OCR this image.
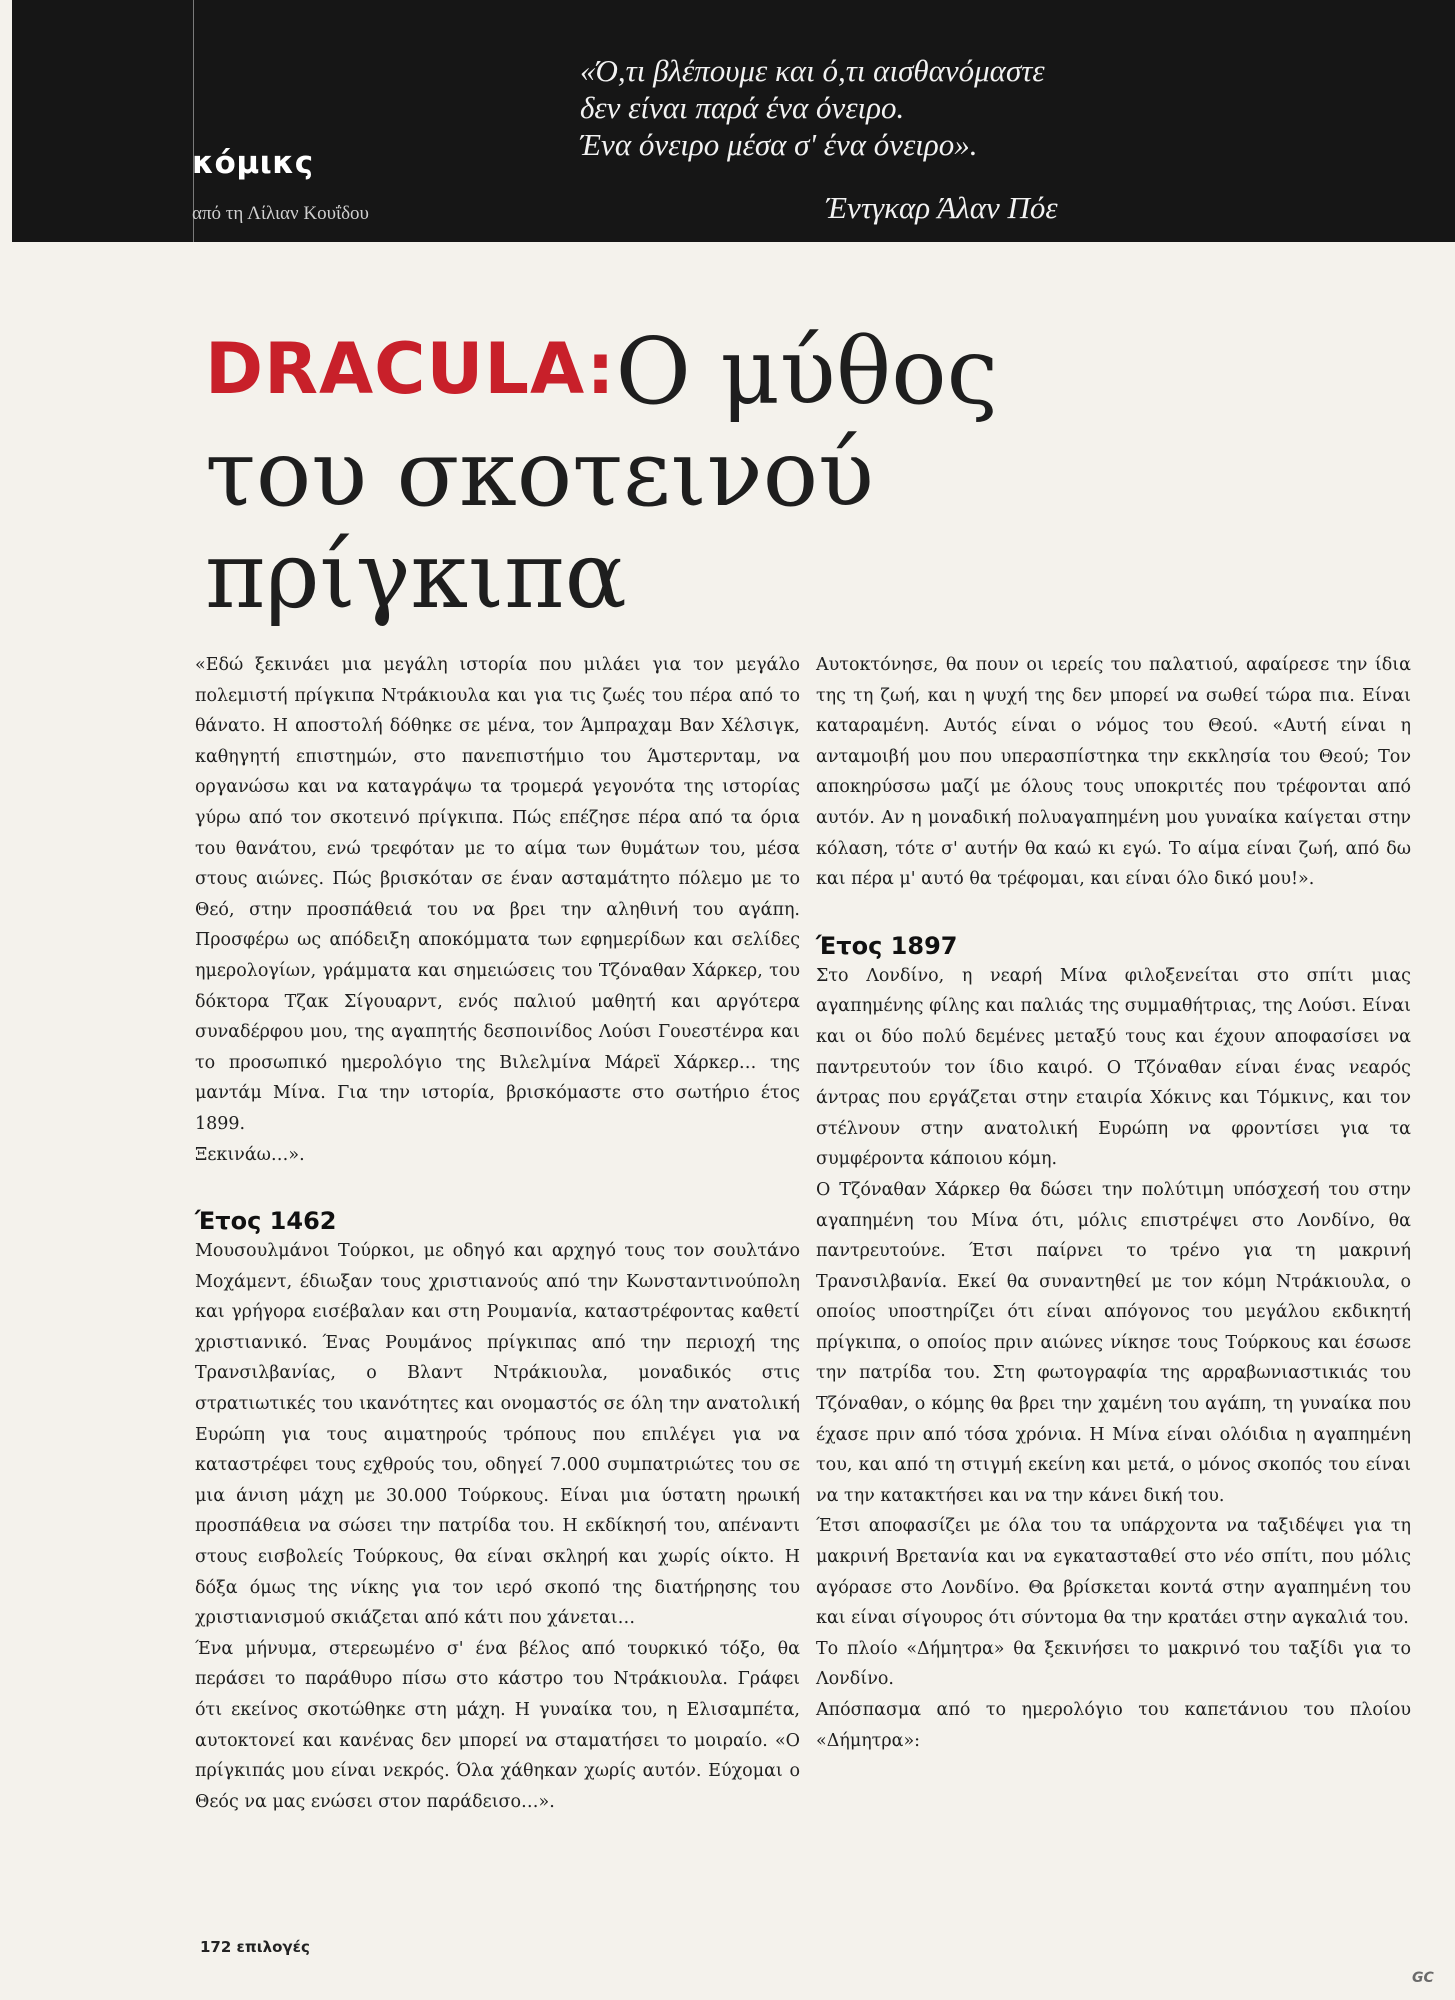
κόμικς
από τη Λίλιαν Κουΐδου
«Ό,τι βλέπουμε και ό,τι αισθανόμαστε
δεν είναι παρά ένα όνειρο.
Ένα όνειρο μέσα σ' ένα όνειρο».
Έντγκαρ Άλαν Πόε
DRACULA:Ο μύθος
του σκοτεινού
πρίγκιπα

«Εδώ ξεκινάει μια μεγάλη ιστορία που μιλάει για τον μεγάλο πολεμιστή πρίγκιπα Ντράκιουλα και για τις ζωές του πέρα από το θάνατο. Η αποστολή δόθηκε σε μένα, τον Άμπραχαμ Βαν Χέλσιγκ, καθηγητή επιστημών, στο πανεπιστήμιο του Άμστερνταμ, να οργανώσω και να καταγράψω τα τρομερά γεγονότα της ιστορίας γύρω από τον σκοτεινό πρίγκιπα. Πώς επέζησε πέρα από τα όρια του θανάτου, ενώ τρεφόταν με το αίμα των θυμάτων του, μέσα στους αιώνες. Πώς βρισκόταν σε έναν ασταμάτητο πόλεμο με το Θεό, στην προσπάθειά του να βρει την αληθινή του αγάπη. Προσφέρω ως απόδειξη αποκόμματα των εφημερίδων και σελίδες ημερολογίων, γράμματα και σημειώσεις του Τζόναθαν Χάρκερ, του δόκτορα Τζακ Σίγουαρντ, ενός παλιού μαθητή και αργότερα συναδέρφου μου, της αγαπητής δεσποινίδος Λούσι Γουεστένρα και το προσωπικό ημερολόγιο της Βιλελμίνα Μάρεϊ Χάρκερ… της μαντάμ Μίνα. Για την ιστορία, βρισκόμαστε στο σωτήριο έτος 1899.

Ξεκινάω…».

Έτος 1462

Μουσουλμάνοι Τούρκοι, με οδηγό και αρχηγό τους τον σουλτάνο Μοχάμεντ, έδιωξαν τους χριστιανούς από την Κωνσταντινούπολη και γρήγορα εισέβαλαν και στη Ρουμανία, καταστρέφοντας καθετί χριστιανικό. Ένας Ρουμάνος πρίγκιπας από την περιοχή της Τρανσιλβανίας, ο Βλαντ Ντράκιουλα, μοναδικός στις στρατιωτικές του ικανότητες και ονομαστός σε όλη την ανατολική Ευρώπη για τους αιματηρούς τρόπους που επιλέγει για να καταστρέφει τους εχθρούς του, οδηγεί 7.000 συμπατριώτες του σε μια άνιση μάχη με 30.000 Τούρκους. Είναι μια ύστατη ηρωική προσπάθεια να σώσει την πατρίδα του. Η εκδίκησή του, απέναντι στους εισβολείς Τούρκους, θα είναι σκληρή και χωρίς οίκτο. Η δόξα όμως της νίκης για τον ιερό σκοπό της διατήρησης του χριστιανισμού σκιάζεται από κάτι που χάνεται…

Ένα μήνυμα, στερεωμένο σ' ένα βέλος από τουρκικό τόξο, θα περάσει το παράθυρο πίσω στο κάστρο του Ντράκιουλα. Γράφει ότι εκείνος σκοτώθηκε στη μάχη. Η γυναίκα του, η Ελισαμπέτα, αυτοκτονεί και κανένας δεν μπορεί να σταματήσει το μοιραίο. «Ο πρίγκιπάς μου είναι νεκρός. Όλα χάθηκαν χωρίς αυτόν. Εύχομαι ο Θεός να μας ενώσει στον παράδεισο…».

Αυτοκτόνησε, θα πουν οι ιερείς του παλατιού, αφαίρεσε την ίδια της τη ζωή, και η ψυχή της δεν μπορεί να σωθεί τώρα πια. Είναι καταραμένη. Αυτός είναι ο νόμος του Θεού. «Αυτή είναι η ανταμοιβή μου που υπερασπίστηκα την εκκλησία του Θεού; Τον αποκηρύσσω μαζί με όλους τους υποκριτές που τρέφονται από αυτόν. Αν η μοναδική πολυαγαπημένη μου γυναίκα καίγεται στην κόλαση, τότε σ' αυτήν θα καώ κι εγώ. Το αίμα είναι ζωή, από δω και πέρα μ' αυτό θα τρέφομαι, και είναι όλο δικό μου!».

Έτος 1897

Στο Λονδίνο, η νεαρή Μίνα φιλοξενείται στο σπίτι μιας αγαπημένης φίλης και παλιάς της συμμαθήτριας, της Λούσι. Είναι και οι δύο πολύ δεμένες μεταξύ τους και έχουν αποφασίσει να παντρευτούν τον ίδιο καιρό. Ο Τζόναθαν είναι ένας νεαρός άντρας που εργάζεται στην εταιρία Χόκινς και Τόμκινς, και τον στέλνουν στην ανατολική Ευρώπη να φροντίσει για τα συμφέροντα κάποιου κόμη.

Ο Τζόναθαν Χάρκερ θα δώσει την πολύτιμη υπόσχεσή του στην αγαπημένη του Μίνα ότι, μόλις επιστρέψει στο Λονδίνο, θα παντρευτούνε. Έτσι παίρνει το τρένο για τη μακρινή Τρανσιλβανία. Εκεί θα συναντηθεί με τον κόμη Ντράκιουλα, ο οποίος υποστηρίζει ότι είναι απόγονος του μεγάλου εκδικητή πρίγκιπα, ο οποίος πριν αιώνες νίκησε τους Τούρκους και έσωσε την πατρίδα του. Στη φωτογραφία της αρραβωνιαστικιάς του Τζόναθαν, ο κόμης θα βρει την χαμένη του αγάπη, τη γυναίκα που έχασε πριν από τόσα χρόνια. Η Μίνα είναι ολόιδια η αγαπημένη του, και από τη στιγμή εκείνη και μετά, ο μόνος σκοπός του είναι να την κατακτήσει και να την κάνει δική του.

Έτσι αποφασίζει με όλα του τα υπάρχοντα να ταξιδέψει για τη μακρινή Βρετανία και να εγκατασταθεί στο νέο σπίτι, που μόλις αγόρασε στο Λονδίνο. Θα βρίσκεται κοντά στην αγαπημένη του και είναι σίγουρος ότι σύντομα θα την κρατάει στην αγκαλιά του.

Το πλοίο «Δήμητρα» θα ξεκινήσει το μακρινό του ταξίδι για το Λονδίνο.

Απόσπασμα από το ημερολόγιο του καπετάνιου του πλοίου «Δήμητρα»:

172 επιλογές
GC
